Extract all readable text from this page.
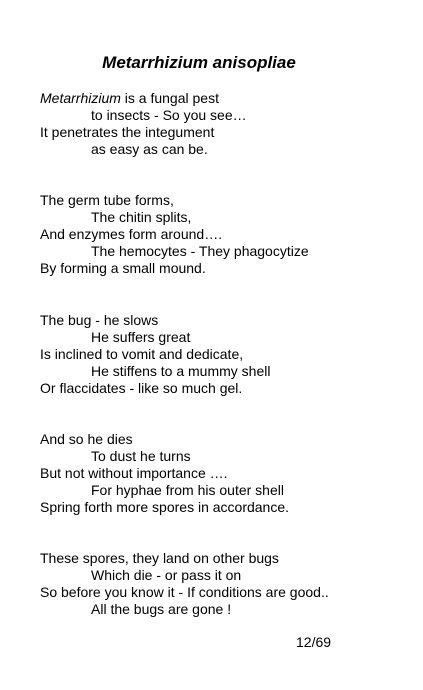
Metarrhizium anisopliae
Metarrhizium is a fungal pest
to insects - So you see…
It penetrates the integument
as easy as can be.
The germ tube forms,
The chitin splits,
And enzymes form around….
The hemocytes - They phagocytize
By forming a small mound.
The bug - he slows
He suffers great
Is inclined to vomit and dedicate,
He stiffens to a mummy shell
Or flaccidates - like so much gel.
And so he dies
To dust he turns
But not without importance ….
For hyphae from his outer shell
Spring forth more spores in accordance.
These spores, they land on other bugs
Which die - or pass it on
So before you know it - If conditions are good..
All the bugs are gone !
12/69
